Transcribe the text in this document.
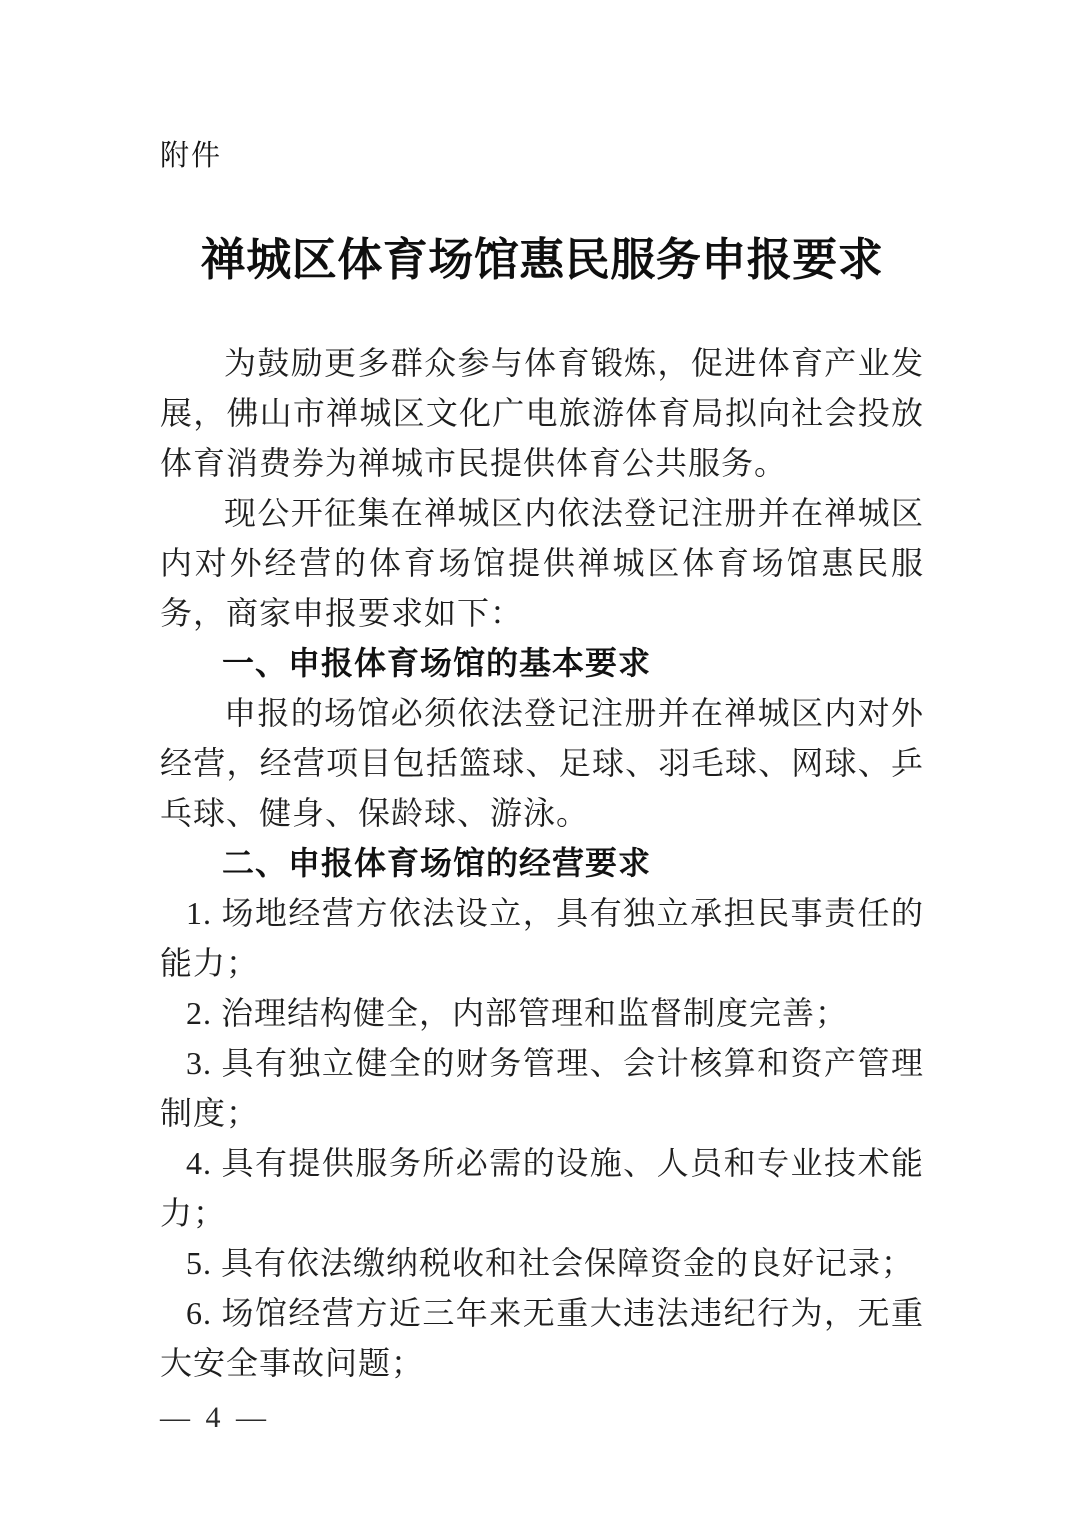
附件
禅城区体育场馆惠民服务申报要求

为鼓励更多群众参与体育锻炼，促进体育产业发展，佛山市禅城区文化广电旅游体育局拟向社会投放体育消费券为禅城市民提供体育公共服务。

现公开征集在禅城区内依法登记注册并在禅城区内对外经营的体育场馆提供禅城区体育场馆惠民服务，商家申报要求如下：

一、申报体育场馆的基本要求

申报的场馆必须依法登记注册并在禅城区内对外经营，经营项目包括篮球、足球、羽毛球、网球、乒乓球、健身、保龄球、游泳。

二、申报体育场馆的经营要求

1. 场地经营方依法设立，具有独立承担民事责任的能力；

2. 治理结构健全，内部管理和监督制度完善；

3. 具有独立健全的财务管理、会计核算和资产管理制度；

4. 具有提供服务所必需的设施、人员和专业技术能力；

5. 具有依法缴纳税收和社会保障资金的良好记录；

6. 场馆经营方近三年来无重大违法违纪行为，无重大安全事故问题；

— 4 —
